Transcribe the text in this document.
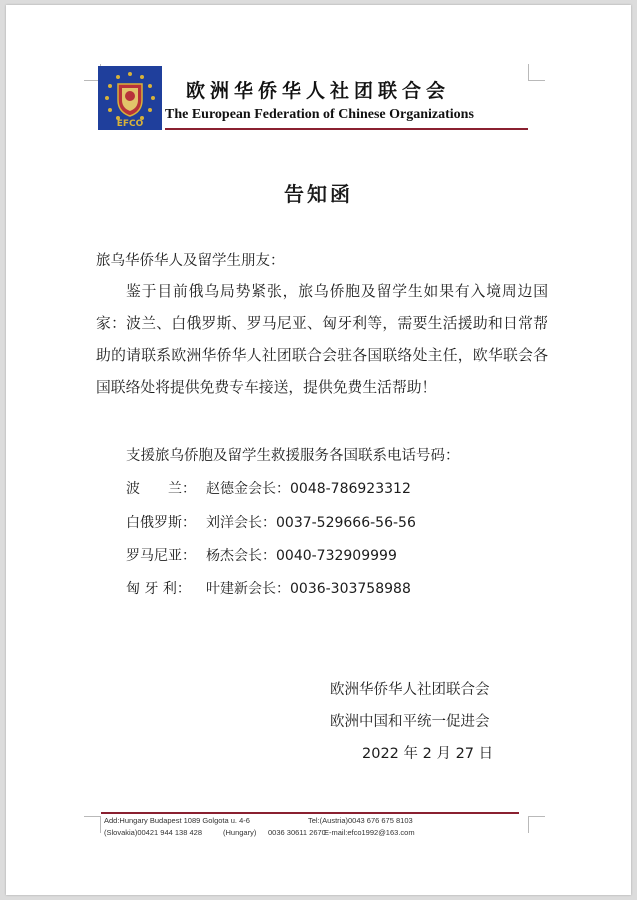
EFCO
欧洲华侨华人社团联合会
The European Federation of Chinese Organizations
告知函
旅乌华侨华人及留学生朋友：
鉴于目前俄乌局势紧张，旅乌侨胞及留学生如果有入境周边国家：波兰、白俄罗斯、罗马尼亚、匈牙利等，需要生活援助和日常帮助的请联系欧洲华侨华人社团联合会驻各国联络处主任，欧华联会各国联络处将提供免费专车接送，提供免费生活帮助！
支援旅乌侨胞及留学生救援服务各国联系电话号码：
波　　兰： 赵德金会长：0048-786923312
白俄罗斯： 刘洋会长：0037-529666-56-56
罗马尼亚： 杨杰会长：0040-732909999
匈 牙 利： 叶建新会长：0036-303758988
欧洲华侨华人社团联合会
欧洲中国和平统一促进会
2022 年 2 月 27 日
Add:Hungary Budapest 1089 Golgota u. 4-6	Tel:(Austria)0043 676 675 8103
(Slovakia)00421 944 138 428	(Hungary) 0036 30611 2670
E-mail:efco1992@163.com
